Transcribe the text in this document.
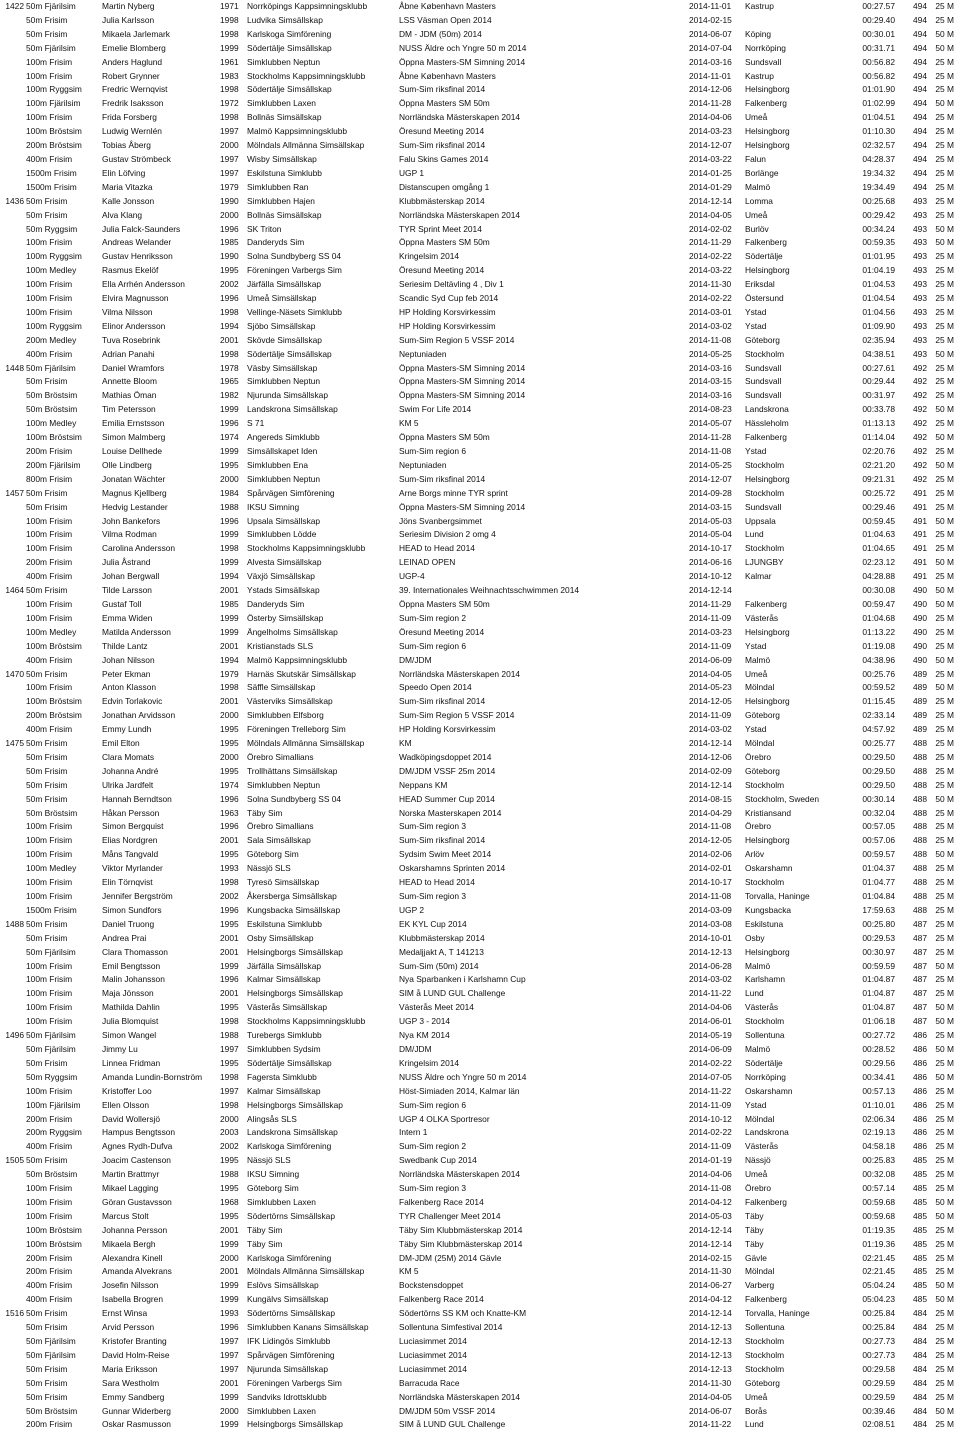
1422	50m Fjärilsim	Martin Nyberg	1971	Norrköpings Kappsimningsklubb	Åbne København Masters	2014-11-01	Kastrup	00:27.57	494	25 M
	50m Frisim	Julia Karlsson	1998	Ludvika Simsällskap	LSS Väsman Open 2014	2014-02-15		00:29.40	494	25 M
	50m Frisim	Mikaela Jarlemark	1998	Karlskoga Simförening	DM - JDM (50m) 2014	2014-06-07	Köping	00:30.01	494	50 M
	50m Fjärilsim	Emelie Blomberg	1999	Södertälje Simsällskap	NUSS Äldre och Yngre 50 m 2014	2014-07-04	Norrköping	00:31.71	494	50 M
	100m Frisim	Anders Haglund	1961	Simklubben Neptun	Öppna Masters-SM Simning 2014	2014-03-16	Sundsvall	00:56.82	494	25 M
	100m Frisim	Robert Grynner	1983	Stockholms Kappsimningsklubb	Åbne København Masters	2014-11-01	Kastrup	00:56.82	494	25 M
	100m Ryggsim	Fredric Wernqvist	1998	Södertälje Simsällskap	Sum-Sim riksfinal 2014	2014-12-06	Helsingborg	01:01.90	494	25 M
	100m Fjärilsim	Fredrik Isaksson	1972	Simklubben Laxen	Öppna Masters SM 50m	2014-11-28	Falkenberg	01:02.99	494	50 M
	100m Frisim	Frida Forsberg	1998	Bollnäs Simsällskap	Norrländska Mästerskapen 2014	2014-04-06	Umeå	01:04.51	494	25 M
	100m Bröstsim	Ludwig Wernlén	1997	Malmö Kappsimningsklubb	Öresund Meeting 2014	2014-03-23	Helsingborg	01:10.30	494	25 M
	200m Bröstsim	Tobias Åberg	2000	Mölndals Allmänna Simsällskap	Sum-Sim riksfinal 2014	2014-12-07	Helsingborg	02:32.57	494	25 M
	400m Frisim	Gustav Strömbeck	1997	Wisby Simsällskap	Falu Skins Games 2014	2014-03-22	Falun	04:28.37	494	25 M
	1500m Frisim	Elin Löfving	1997	Eskilstuna Simklubb	UGP 1	2014-01-25	Borlänge	19:34.32	494	25 M
	1500m Frisim	Maria Vitazka	1979	Simklubben Ran	Distanscupen omgång 1	2014-01-29	Malmö	19:34.49	494	25 M
1436	50m Frisim	Kalle Jonsson	1990	Simklubben Hajen	Klubbmästerskap 2014	2014-12-14	Lomma	00:25.68	493	25 M
	50m Frisim	Alva Klang	2000	Bollnäs Simsällskap	Norrländska Mästerskapen 2014	2014-04-05	Umeå	00:29.42	493	25 M
	50m Ryggsim	Julia Falck-Saunders	1996	SK Triton	TYR Sprint Meet 2014	2014-02-02	Burlöv	00:34.24	493	50 M
	100m Frisim	Andreas Welander	1985	Danderyds Sim	Öppna Masters SM 50m	2014-11-29	Falkenberg	00:59.35	493	50 M
	100m Ryggsim	Gustav Henriksson	1990	Solna Sundbyberg SS 04	Kringelsim 2014	2014-02-22	Södertälje	01:01.95	493	25 M
	100m Medley	Rasmus Ekelöf	1995	Föreningen Varbergs Sim	Öresund Meeting 2014	2014-03-22	Helsingborg	01:04.19	493	25 M
	100m Frisim	Ella Arrhén Andersson	2002	Järfälla Simsällskap	Seriesim Deltävling 4 , Div 1	2014-11-30	Eriksdal	01:04.53	493	25 M
	100m Frisim	Elvira Magnusson	1996	Umeå Simsällskap	Scandic Syd Cup feb 2014	2014-02-22	Östersund	01:04.54	493	25 M
	100m Frisim	Vilma Nilsson	1998	Vellinge-Näsets Simklubb	HP Holding Korsvirkessim	2014-03-01	Ystad	01:04.56	493	25 M
	100m Ryggsim	Elinor Andersson	1994	Sjöbo Simsällskap	HP Holding Korsvirkessim	2014-03-02	Ystad	01:09.90	493	25 M
	200m Medley	Tuva Rosebrink	2001	Skövde Simsällskap	Sum-Sim Region 5 VSSF 2014	2014-11-08	Göteborg	02:35.94	493	25 M
	400m Frisim	Adrian Panahi	1998	Södertälje Simsällskap	Neptuniaden	2014-05-25	Stockholm	04:38.51	493	50 M
1448	50m Fjärilsim	Daniel Wramfors	1978	Väsby Simsällskap	Öppna Masters-SM Simning 2014	2014-03-16	Sundsvall	00:27.61	492	25 M
	50m Frisim	Annette Bloom	1965	Simklubben Neptun	Öppna Masters-SM Simning 2014	2014-03-15	Sundsvall	00:29.44	492	25 M
	50m Bröstsim	Mathias Öman	1982	Njurunda Simsällskap	Öppna Masters-SM Simning 2014	2014-03-16	Sundsvall	00:31.97	492	25 M
	50m Bröstsim	Tim Petersson	1999	Landskrona Simsällskap	Swim For Life 2014	2014-08-23	Landskrona	00:33.78	492	50 M
	100m Medley	Emilia Ernstsson	1996	S 71	KM 5	2014-05-07	Hässleholm	01:13.13	492	25 M
	100m Bröstsim	Simon Malmberg	1974	Angereds Simklubb	Öppna Masters SM 50m	2014-11-28	Falkenberg	01:14.04	492	50 M
	200m Frisim	Louise Dellhede	1999	Simsällskapet Iden	Sum-Sim region 6	2014-11-08	Ystad	02:20.76	492	25 M
	200m Fjärilsim	Olle Lindberg	1995	Simklubben Ena	Neptuniaden	2014-05-25	Stockholm	02:21.20	492	50 M
	800m Frisim	Jonatan Wächter	2000	Simklubben Neptun	Sum-Sim riksfinal 2014	2014-12-07	Helsingborg	09:21.31	492	25 M
1457	50m Frisim	Magnus Kjellberg	1984	Spårvägen Simförening	Arne Borgs minne TYR sprint	2014-09-28	Stockholm	00:25.72	491	25 M
	50m Frisim	Hedvig Lestander	1988	IKSU Simning	Öppna Masters-SM Simning 2014	2014-03-15	Sundsvall	00:29.46	491	25 M
	100m Frisim	John Bankefors	1996	Upsala Simsällskap	Jöns Svanbergsimmet	2014-05-03	Uppsala	00:59.45	491	50 M
	100m Frisim	Vilma Rodman	1999	Simklubben Lödde	Seriesim Division 2 omg 4	2014-05-04	Lund	01:04.63	491	25 M
	100m Frisim	Carolina Andersson	1998	Stockholms Kappsimningsklubb	HEAD to Head 2014	2014-10-17	Stockholm	01:04.65	491	25 M
	200m Frisim	Julia Åstrand	1999	Alvesta Simsällskap	LEINAD OPEN	2014-06-16	LJUNGBY	02:23.12	491	50 M
	400m Frisim	Johan Bergwall	1994	Växjö Simsällskap	UGP-4	2014-10-12	Kalmar	04:28.88	491	25 M
1464	50m Frisim	Tilde Larsson	2001	Ystads Simsällskap	39. Internationales Weihnachtsschwimmen 2014	2014-12-14		00:30.08	490	50 M
	100m Frisim	Gustaf Toll	1985	Danderyds Sim	Öppna Masters SM 50m	2014-11-29	Falkenberg	00:59.47	490	50 M
	100m Frisim	Emma Widen	1999	Österby Simsällskap	Sum-Sim region 2	2014-11-09	Västerås	01:04.68	490	25 M
	100m Medley	Matilda Andersson	1999	Ängelholms Simsällskap	Öresund Meeting 2014	2014-03-23	Helsingborg	01:13.22	490	25 M
	100m Bröstsim	Thilde Lantz	2001	Kristianstads SLS	Sum-Sim region 6	2014-11-09	Ystad	01:19.08	490	25 M
	400m Frisim	Johan Nilsson	1994	Malmö Kappsimningsklubb	DM/JDM	2014-06-09	Malmö	04:38.96	490	50 M
1470	50m Frisim	Peter Ekman	1979	Harnäs Skutskär Simsällskap	Norrländska Mästerskapen 2014	2014-04-05	Umeå	00:25.76	489	25 M
	100m Frisim	Anton Klasson	1998	Säffle Simsällskap	Speedo Open 2014	2014-05-23	Mölndal	00:59.52	489	50 M
	100m Bröstsim	Edvin Torlakovic	2001	Västerviks Simsällskap	Sum-Sim riksfinal 2014	2014-12-05	Helsingborg	01:15.45	489	25 M
	200m Bröstsim	Jonathan Arvidsson	2000	Simklubben Elfsborg	Sum-Sim Region 5 VSSF 2014	2014-11-09	Göteborg	02:33.14	489	25 M
	400m Frisim	Emmy Lundh	1995	Föreningen Trelleborg Sim	HP Holding Korsvirkessim	2014-03-02	Ystad	04:57.92	489	25 M
1475	50m Frisim	Emil Elton	1995	Mölndals Allmänna Simsällskap	KM	2014-12-14	Mölndal	00:25.77	488	25 M
	50m Frisim	Clara Momats	2000	Örebro Simallians	Wadköpingsdoppet 2014	2014-12-06	Örebro	00:29.50	488	25 M
	50m Frisim	Johanna André	1995	Trollhättans Simsällskap	DM/JDM VSSF 25m 2014	2014-02-09	Göteborg	00:29.50	488	25 M
	50m Frisim	Ulrika Jardfelt	1974	Simklubben Neptun	Neppans KM	2014-12-14	Stockholm	00:29.50	488	25 M
	50m Frisim	Hannah Berndtson	1996	Solna Sundbyberg SS 04	HEAD Summer Cup 2014	2014-08-15	Stockholm, Sweden	00:30.14	488	50 M
	50m Bröstsim	Håkan Persson	1963	Täby Sim	Norska Masterskapen 2014	2014-04-29	Kristiansand	00:32.04	488	25 M
	100m Frisim	Simon Bergquist	1996	Örebro Simallians	Sum-Sim region 3	2014-11-08	Örebro	00:57.05	488	25 M
	100m Frisim	Elias Nordgren	2001	Sala Simsällskap	Sum-Sim riksfinal 2014	2014-12-05	Helsingborg	00:57.06	488	25 M
	100m Frisim	Måns Tangvald	1995	Göteborg Sim	Sydsim Swim Meet 2014	2014-02-06	Arlöv	00:59.57	488	50 M
	100m Medley	Viktor Myrlander	1993	Nässjö SLS	Oskarshamns Sprinten 2014	2014-02-01	Oskarshamn	01:04.37	488	25 M
	100m Frisim	Elin Törnqvist	1998	Tyresö Simsällskap	HEAD to Head 2014	2014-10-17	Stockholm	01:04.77	488	25 M
	100m Frisim	Jennifer Bergström	2002	Åkersberga Simsällskap	Sum-Sim region 3	2014-11-08	Torvalla, Haninge	01:04.84	488	25 M
	1500m Frisim	Simon Sundfors	1996	Kungsbacka Simsällskap	UGP 2	2014-03-09	Kungsbacka	17:59.63	488	25 M
1488	50m Frisim	Daniel Truong	1995	Eskilstuna Simklubb	EK KYL Cup 2014	2014-03-08	Eskilstuna	00:25.80	487	25 M
	50m Frisim	Andrea Prai	2001	Osby Simsällskap	Klubbmästerskap 2014	2014-10-01	Osby	00:29.53	487	25 M
	50m Fjärilsim	Clara Thomasson	2001	Helsingborgs Simsällskap	Medaljjakt A, T 141213	2014-12-13	Helsingborg	00:30.97	487	25 M
	100m Frisim	Emil Bengtsson	1999	Järfälla Simsällskap	Sum-Sim (50m) 2014	2014-06-28	Malmö	00:59.59	487	50 M
	100m Frisim	Malin Johansson	1996	Kalmar Simsällskap	Nya Sparbanken i Karlshamn Cup	2014-03-02	Karlshamn	01:04.87	487	25 M
	100m Frisim	Maja Jönsson	2001	Helsingborgs Simsällskap	SIM å LUND GUL Challenge	2014-11-22	Lund	01:04.87	487	25 M
	100m Frisim	Mathilda Dahlin	1995	Västerås Simsällskap	Västerås Meet 2014	2014-04-06	Västerås	01:04.87	487	50 M
	100m Frisim	Julia Blomquist	1998	Stockholms Kappsimningsklubb	UGP 3 - 2014	2014-06-01	Stockholm	01:06.18	487	50 M
1496	50m Fjärilsim	Simon Wangel	1988	Turebergs Simklubb	Nya KM 2014	2014-05-19	Sollentuna	00:27.72	486	25 M
	50m Fjärilsim	Jimmy Lu	1997	Simklubben Sydsim	DM/JDM	2014-06-09	Malmö	00:28.52	486	50 M
	50m Frisim	Linnea Fridman	1995	Södertälje Simsällskap	Kringelsim 2014	2014-02-22	Södertälje	00:29.56	486	25 M
	50m Ryggsim	Amanda Lundin-Bornström	1998	Fagersta Simklubb	NUSS Äldre och Yngre 50 m 2014	2014-07-05	Norrköping	00:34.41	486	50 M
	100m Frisim	Kristoffer Loo	1997	Kalmar Simsällskap	Höst-Simiaden 2014, Kalmar län	2014-11-22	Oskarshamn	00:57.13	486	25 M
	100m Fjärilsim	Ellen Olsson	1998	Helsingborgs Simsällskap	Sum-Sim region 6	2014-11-09	Ystad	01:10.01	486	25 M
	200m Frisim	David Wollersjö	2000	Alingsås SLS	UGP 4 OLKA Sportresor	2014-10-12	Mölndal	02:06.34	486	25 M
	200m Ryggsim	Hampus Bengtsson	2003	Landskrona Simsällskap	Intern 1	2014-02-22	Landskrona	02:19.13	486	25 M
	400m Frisim	Agnes Rydh-Dufva	2002	Karlskoga Simförening	Sum-Sim region 2	2014-11-09	Västerås	04:58.18	486	25 M
1505	50m Frisim	Joacim Castenson	1995	Nässjö SLS	Swedbank Cup 2014	2014-01-19	Nässjö	00:25.83	485	25 M
	50m Bröstsim	Martin Brattmyr	1988	IKSU Simning	Norrländska Mästerskapen 2014	2014-04-06	Umeå	00:32.08	485	25 M
	100m Frisim	Mikael Lagging	1995	Göteborg Sim	Sum-Sim region 3	2014-11-08	Örebro	00:57.14	485	25 M
	100m Frisim	Göran Gustavsson	1968	Simklubben Laxen	Falkenberg Race 2014	2014-04-12	Falkenberg	00:59.68	485	50 M
	100m Frisim	Marcus Stolt	1995	Södertörns Simsällskap	TYR Challenger Meet 2014	2014-05-03	Täby	00:59.68	485	50 M
	100m Bröstsim	Johanna Persson	2001	Täby Sim	Täby Sim Klubbmästerskap 2014	2014-12-14	Täby	01:19.35	485	25 M
	100m Bröstsim	Mikaela Bergh	1999	Täby Sim	Täby Sim Klubbmästerskap 2014	2014-12-14	Täby	01:19.36	485	25 M
	200m Frisim	Alexandra Kinell	2000	Karlskoga Simförening	DM-JDM (25M) 2014 Gävle	2014-02-15	Gävle	02:21.45	485	25 M
	200m Frisim	Amanda Alvekrans	2001	Mölndals Allmänna Simsällskap	KM 5	2014-11-30	Mölndal	02:21.45	485	25 M
	400m Frisim	Josefin Nilsson	1999	Eslövs Simsällskap	Bockstensdoppet	2014-06-27	Varberg	05:04.24	485	50 M
	400m Frisim	Isabella Brogren	1999	Kungälvs Simsällskap	Falkenberg Race 2014	2014-04-12	Falkenberg	05:04.23	485	50 M
1516	50m Frisim	Ernst Winsa	1993	Södertörns Simsällskap	Södertörns SS KM och Knatte-KM	2014-12-14	Torvalla, Haninge	00:25.84	484	25 M
	50m Frisim	Arvid Persson	1996	Simklubben Kanans Simsällskap	Sollentuna Simfestival 2014	2014-12-13	Sollentuna	00:25.84	484	25 M
	50m Fjärilsim	Kristofer Branting	1997	IFK Lidingös Simklubb	Luciasimmet 2014	2014-12-13	Stockholm	00:27.73	484	25 M
	50m Fjärilsim	David Holm-Reise	1997	Spårvägen Simförening	Luciasimmet 2014	2014-12-13	Stockholm	00:27.73	484	25 M
	50m Frisim	Maria Eriksson	1997	Njurunda Simsällskap	Luciasimmet 2014	2014-12-13	Stockholm	00:29.58	484	25 M
	50m Frisim	Sara Westholm	2001	Föreningen Varbergs Sim	Barracuda Race	2014-11-30	Göteborg	00:29.59	484	25 M
	50m Frisim	Emmy Sandberg	1999	Sandviks Idrottsklubb	Norrländska Mästerskapen 2014	2014-04-05	Umeå	00:29.59	484	25 M
	50m Bröstsim	Gunnar Widerberg	2000	Simklubben Laxen	DM/JDM 50m VSSF 2014	2014-06-07	Borås	00:39.46	484	50 M
	200m Frisim	Oskar Rasmusson	1999	Helsingborgs Simsällskap	SIM å LUND GUL Challenge	2014-11-22	Lund	02:08.51	484	25 M
